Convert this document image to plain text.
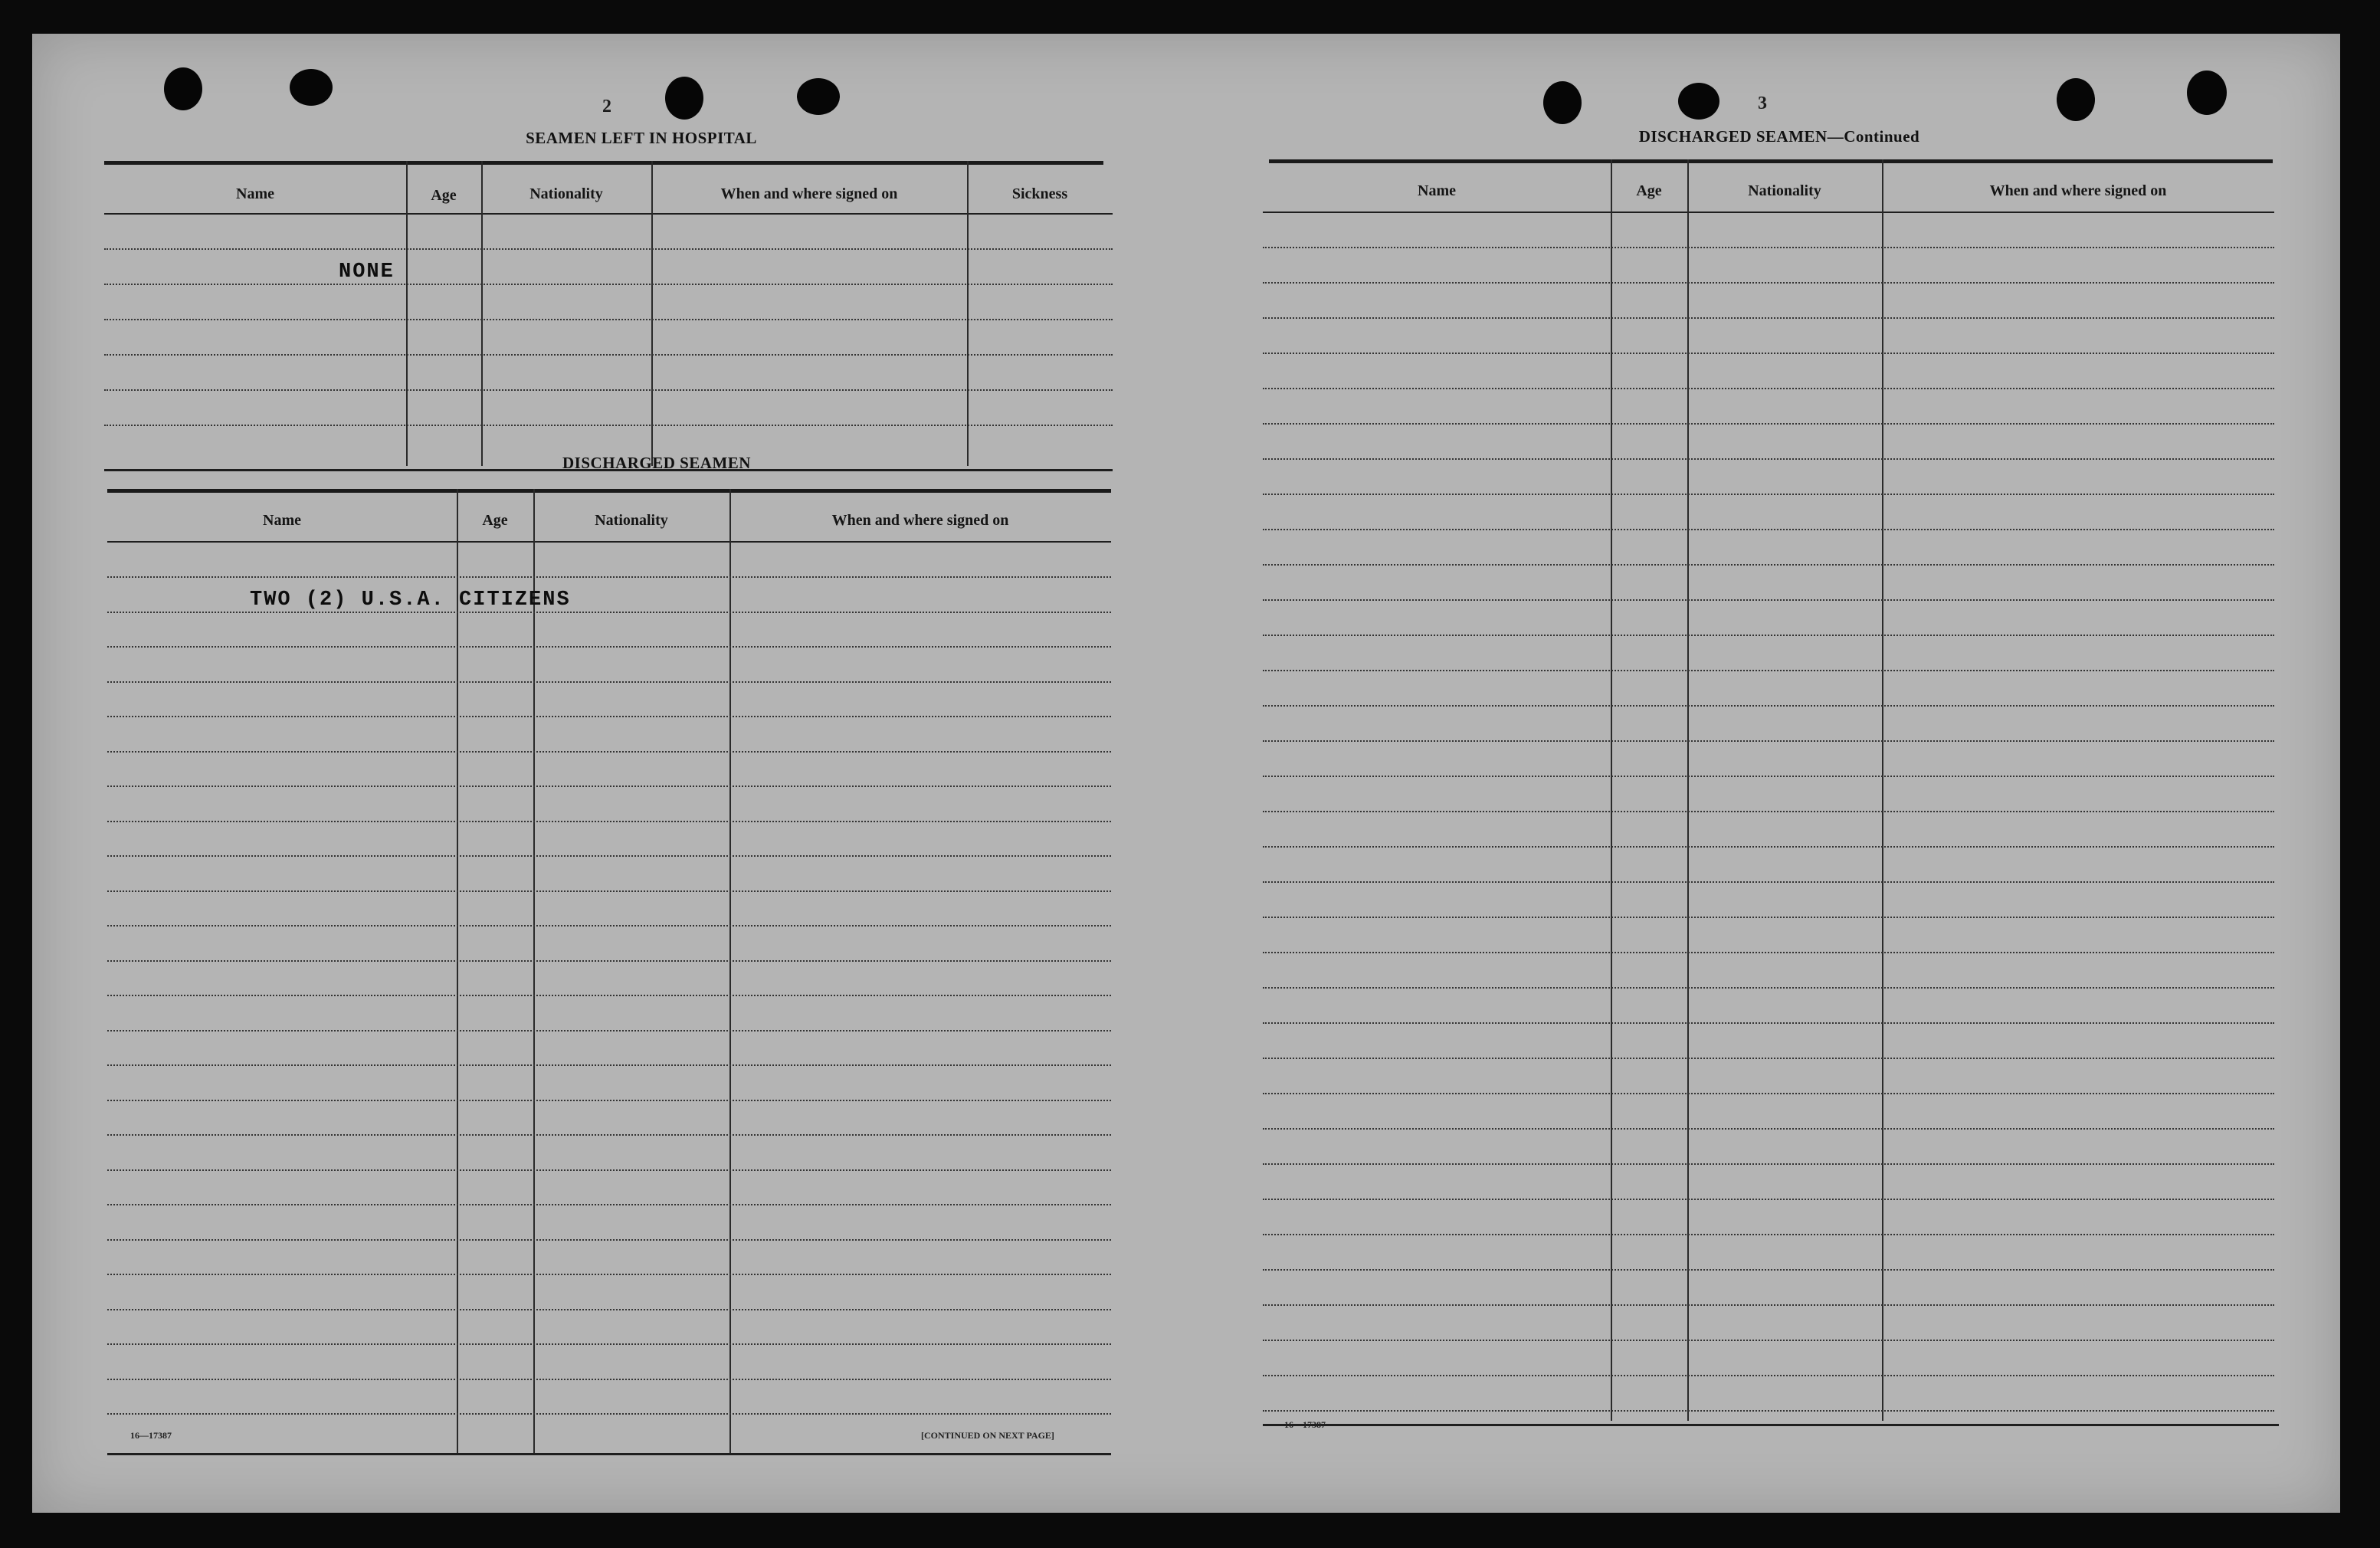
2
SEAMEN LEFT IN HOSPITAL
Name	Age	Nationality	When and where signed on	Sickness
NONE
DISCHARGED SEAMEN
Name	Age	Nationality	When and where signed on
TWO (2) U.S.A. CITIZENS
16—17387	[CONTINUED ON NEXT PAGE]
3
DISCHARGED SEAMEN—Continued
Name	Age	Nationality	When and where signed on
16—17387
